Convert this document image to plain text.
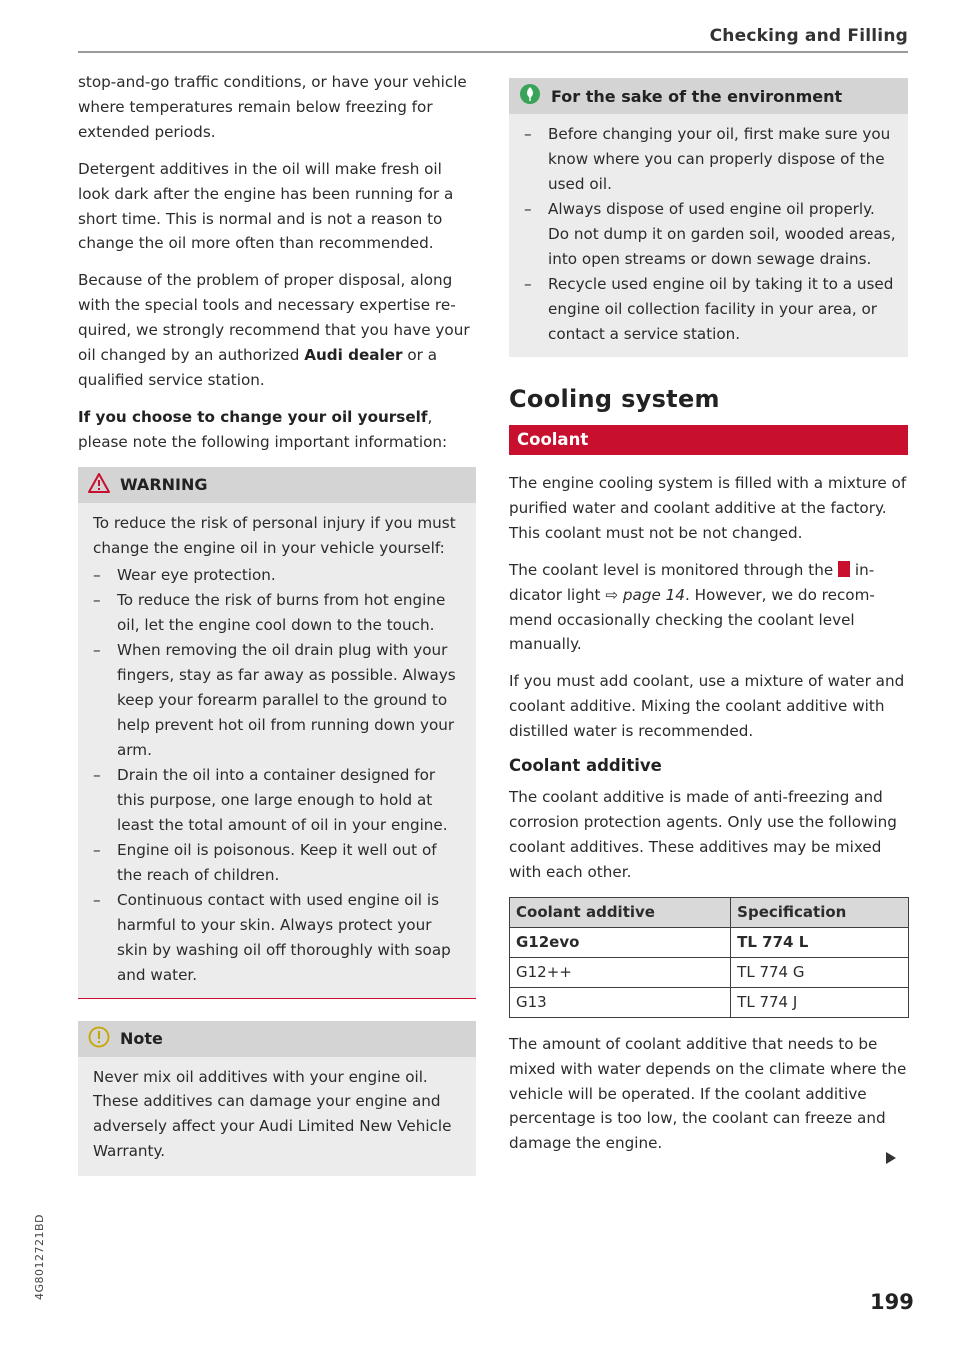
Checking and Filling

stop-and-go traffic conditions, or have your vehicle where temperatures remain below freezing for extended periods.

Detergent additives in the oil will make fresh oil look dark after the engine has been running for a short time. This is normal and is not a reason to change the oil more often than recommended.

Because of the problem of proper disposal, along with the special tools and necessary expertise required, we strongly recommend that you have your oil changed by an authorized Audi dealer or a qualified service station.

If you choose to change your oil yourself, please note the following important information:

WARNING

To reduce the risk of personal injury if you must change the engine oil in your vehicle yourself:

– Wear eye protection.
– To reduce the risk of burns from hot engine oil, let the engine cool down to the touch.
– When removing the oil drain plug with your fingers, stay as far away as possible. Always keep your forearm parallel to the ground to help prevent hot oil from running down your arm.
– Drain the oil into a container designed for this purpose, one large enough to hold at least the total amount of oil in your engine.
– Engine oil is poisonous. Keep it well out of the reach of children.
– Continuous contact with used engine oil is harmful to your skin. Always protect your skin by washing oil off thoroughly with soap and water.
Note

Never mix oil additives with your engine oil. These additives can damage your engine and adversely affect your Audi Limited New Vehicle Warranty.

For the sake of the environment
– Before changing your oil, first make sure you know where you can properly dispose of the used oil.
– Always dispose of used engine oil properly. Do not dump it on garden soil, wooded areas, into open streams or down sewage drains.
– Recycle used engine oil by taking it to a used engine oil collection facility in your area, or contact a service station.
Cooling system
Coolant

The engine cooling system is filled with a mixture of purified water and coolant additive at the factory. This coolant must not be not changed.

The coolant level is monitored through the  indicator light ⇨ page 14. However, we do recommend occasionally checking the coolant level manually.

If you must add coolant, use a mixture of water and coolant additive. Mixing the coolant additive with distilled water is recommended.

Coolant additive

The coolant additive is made of anti-freezing and corrosion protection agents. Only use the following coolant additives. These additives may be mixed with each other.

Coolant additive	Specification
G12evo	TL 774 L
G12++	TL 774 G
G13	TL 774 J

The amount of coolant additive that needs to be mixed with water depends on the climate where the vehicle will be operated. If the coolant additive percentage is too low, the coolant can freeze and damage the engine.

199
4G8012721BD
